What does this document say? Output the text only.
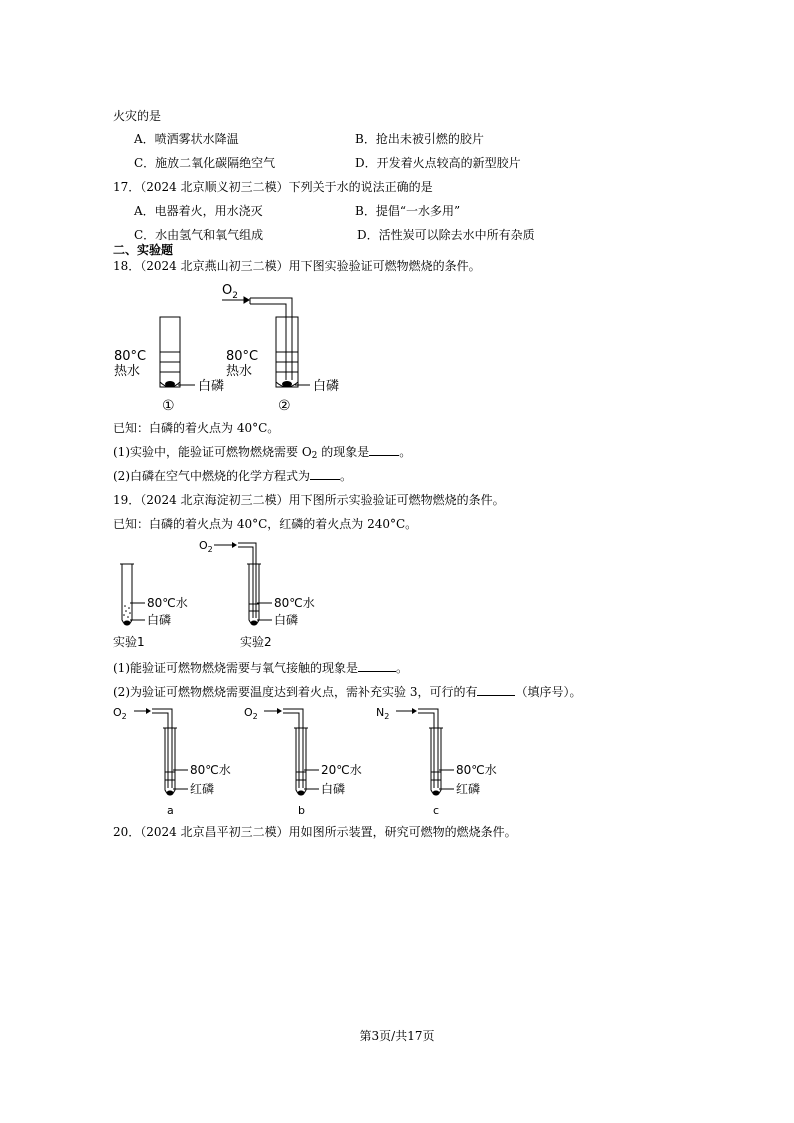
火灾的是
A．喷洒雾状水降温	B．抢出未被引燃的胶片
C．施放二氧化碳隔绝空气	D．开发着火点较高的新型胶片
17．（2024 北京顺义初三二模）下列关于水的说法正确的是
A．电器着火，用水浇灭	B．提倡“一水多用”
C．水由氢气和氧气组成	D．活性炭可以除去水中所有杂质
二、实验题
18．（2024 北京燕山初三二模）用下图实验验证可燃物燃烧的条件。
$O_2$
80°C
热水
80°C
热水
白磷	白磷
①	②
已知：白磷的着火点为 40°C。
(1)实验中，能验证可燃物燃烧需要 $O_2$ 的现象是	。
(2)白磷在空气中燃烧的化学方程式为	。
19．（2024 北京海淀初三二模）用下图所示实验验证可燃物燃烧的条件。
已知：白磷的着火点为 40°C，红磷的着火点为 240°C。
$O_2$
80℃水
白磷
80℃水
白磷
实验1	实验2
(1)能验证可燃物燃烧需要与氧气接触的现象是	。
(2)为验证可燃物燃烧需要温度达到着火点，需补充实验 3，可行的有	（填序号）。
$O_2$
80℃水
红磷
a
$O_2$
20℃水
白磷
b
$N_2$
80℃水
红磷
c
20．（2024 北京昌平初三二模）用如图所示装置，研究可燃物的燃烧条件。
第3页/共17页
